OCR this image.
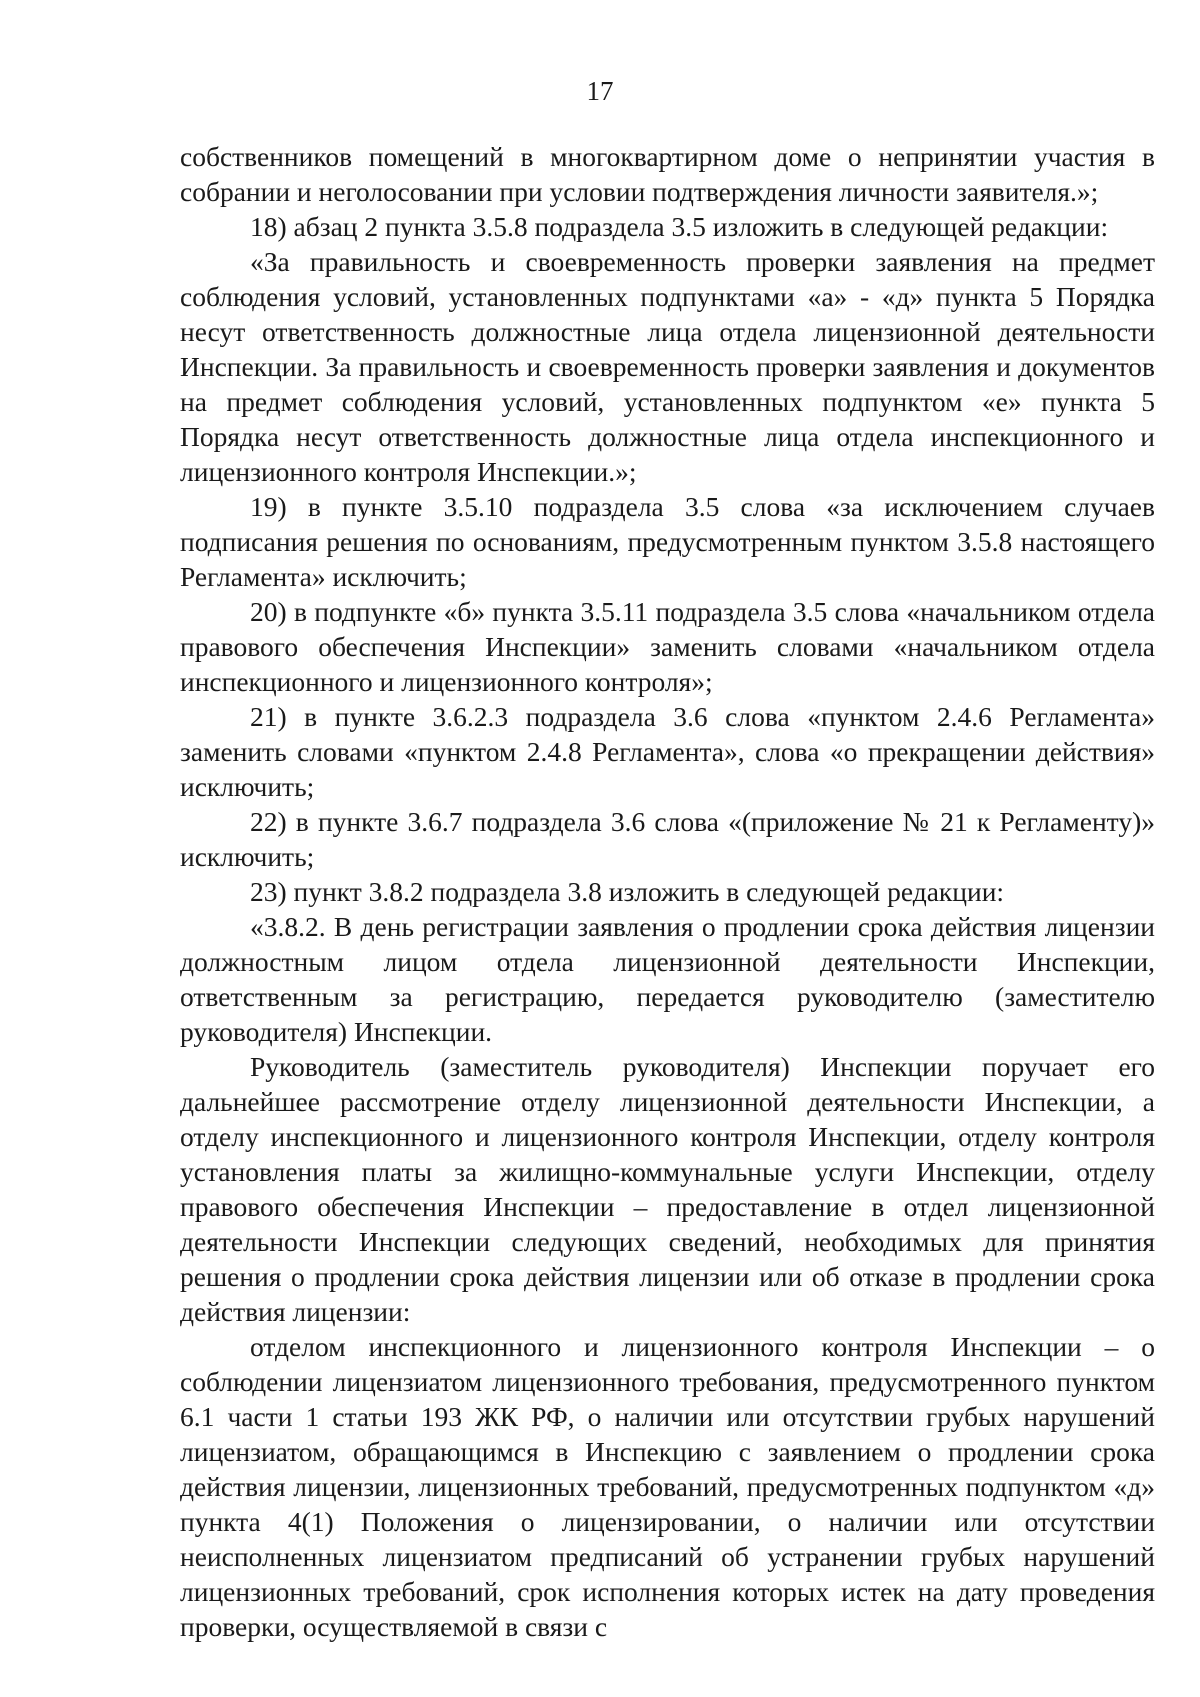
17

собственников помещений в многоквартирном доме о непринятии участия в собрании и неголосовании при условии подтверждения личности заявителя.»;

18) абзац 2 пункта 3.5.8 подраздела 3.5 изложить в следующей редакции:

«За правильность и своевременность проверки заявления на предмет соблюдения условий, установленных подпунктами «а» - «д» пункта 5 Порядка несут ответственность должностные лица отдела лицензионной деятельности Инспекции. За правильность и своевременность проверки заявления и документов на предмет соблюдения условий, установленных подпунктом «е» пункта 5 Порядка несут ответственность должностные лица отдела инспекционного и лицензионного контроля Инспекции.»;

19) в пункте 3.5.10 подраздела 3.5 слова «за исключением случаев подписания решения по основаниям, предусмотренным пунктом 3.5.8 настоящего Регламента» исключить;

20) в подпункте «б» пункта 3.5.11 подраздела 3.5 слова «начальником отдела правового обеспечения Инспекции» заменить словами «начальником отдела инспекционного и лицензионного контроля»;

21) в пункте 3.6.2.3 подраздела 3.6 слова «пунктом 2.4.6 Регламента» заменить словами «пунктом 2.4.8 Регламента», слова «о прекращении действия» исключить;

22) в пункте 3.6.7 подраздела 3.6 слова «(приложение № 21 к Регламенту)» исключить;

23) пункт 3.8.2 подраздела 3.8 изложить в следующей редакции:

«3.8.2. В день регистрации заявления о продлении срока действия лицензии должностным лицом отдела лицензионной деятельности Инспекции, ответственным за регистрацию, передается руководителю (заместителю руководителя) Инспекции.

Руководитель (заместитель руководителя) Инспекции поручает его дальнейшее рассмотрение отделу лицензионной деятельности Инспекции, а отделу инспекционного и лицензионного контроля Инспекции, отделу контроля установления платы за жилищно-коммунальные услуги Инспекции, отделу правового обеспечения Инспекции – предоставление в отдел лицензионной деятельности Инспекции следующих сведений, необходимых для принятия решения о продлении срока действия лицензии или об отказе в продлении срока действия лицензии:

отделом инспекционного и лицензионного контроля Инспекции – о соблюдении лицензиатом лицензионного требования, предусмотренного пунктом 6.1 части 1 статьи 193 ЖК РФ, о наличии или отсутствии грубых нарушений лицензиатом, обращающимся в Инспекцию с заявлением о продлении срока действия лицензии, лицензионных требований, предусмотренных подпунктом «д» пункта 4(1) Положения о лицензировании, о наличии или отсутствии неисполненных лицензиатом предписаний об устранении грубых нарушений лицензионных требований, срок исполнения которых истек на дату проведения проверки, осуществляемой в связи с
